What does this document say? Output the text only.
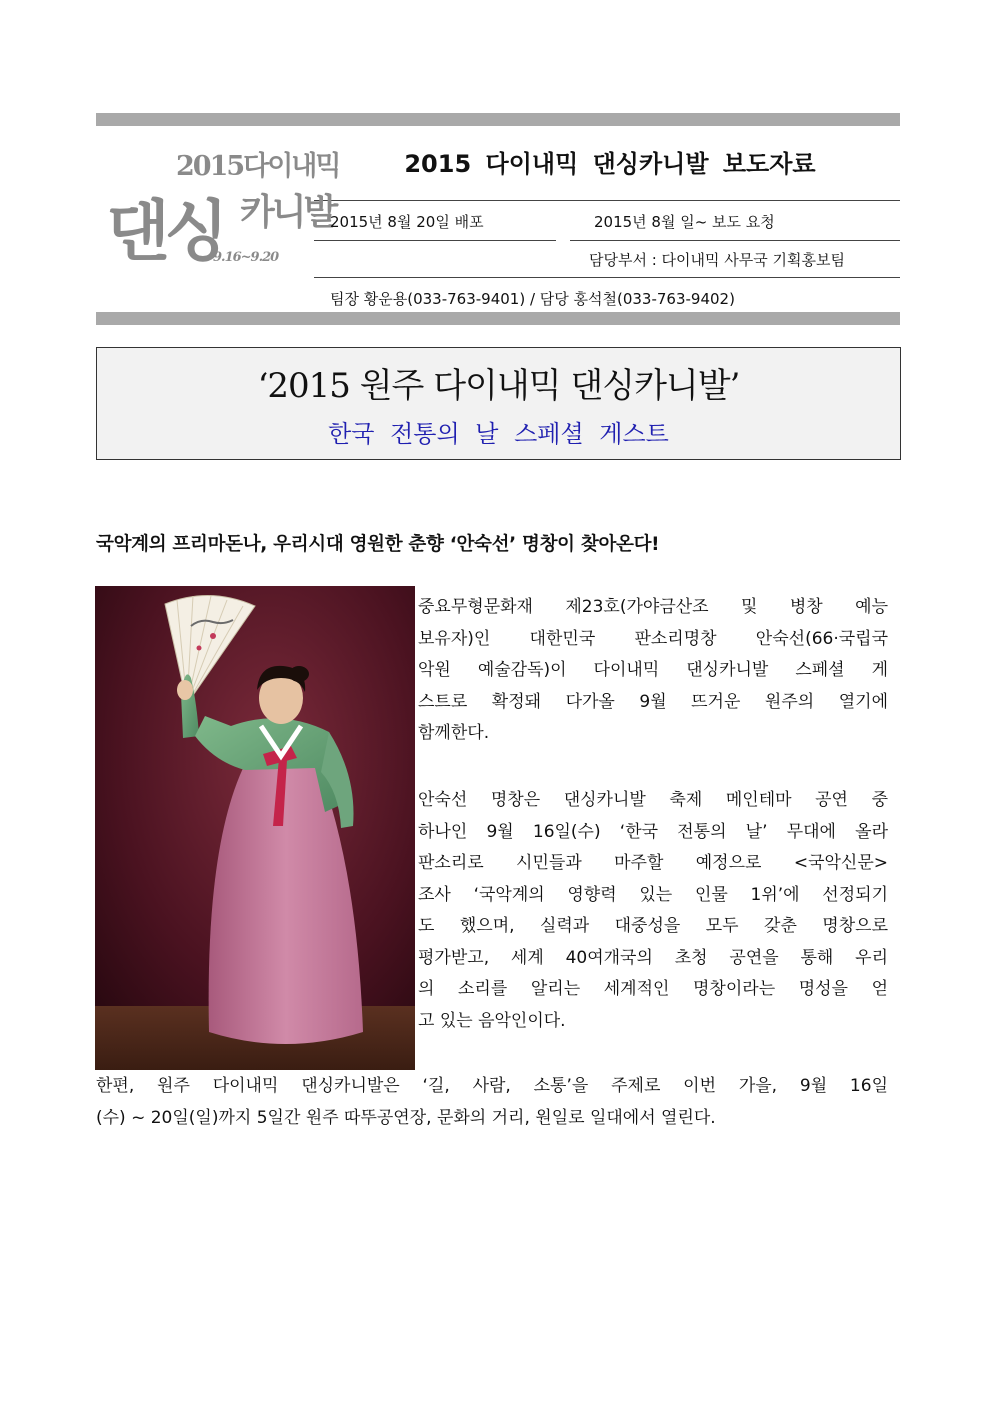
2015다이내믹
댄싱 카니발
9.16~9.20
2015 다이내믹 댄싱카니발 보도자료
2015년 8월 20일 배포	2015년 8월 일~ 보도 요청
담당부서 : 다이내믹 사무국 기획홍보팀
팀장 황운용(033-763-9401) / 담당 홍석철(033-763-9402)
‘2015 원주 다이내믹 댄싱카니발’
한국 전통의 날 스페셜 게스트
국악계의 프리마돈나, 우리시대 영원한 춘향 ‘안숙선’ 명창이 찾아온다!
중요무형문화재 제23호(가야금산조 및 병창 예능
보유자)인 대한민국 판소리명창 안숙선(66·국립국
악원 예술감독)이 다이내믹 댄싱카니발 스페셜 게
스트로 확정돼 다가올 9월 뜨거운 원주의 열기에
함께한다.
안숙선 명창은 댄싱카니발 축제 메인테마 공연 중
하나인 9월 16일(수) ‘한국 전통의 날’ 무대에 올라
판소리로 시민들과 마주할 예정으로 <국악신문>
조사 ‘국악계의 영향력 있는 인물 1위’에 선정되기
도 했으며, 실력과 대중성을 모두 갖춘 명창으로
평가받고, 세계 40여개국의 초청 공연을 통해 우리
의 소리를 알리는 세계적인 명창이라는 명성을 얻
고 있는 음악인이다.
한편, 원주 다이내믹 댄싱카니발은 ‘길, 사람, 소통’을 주제로 이번 가을, 9월 16일
(수) ~ 20일(일)까지 5일간 원주 따뚜공연장, 문화의 거리, 원일로 일대에서 열린다.
